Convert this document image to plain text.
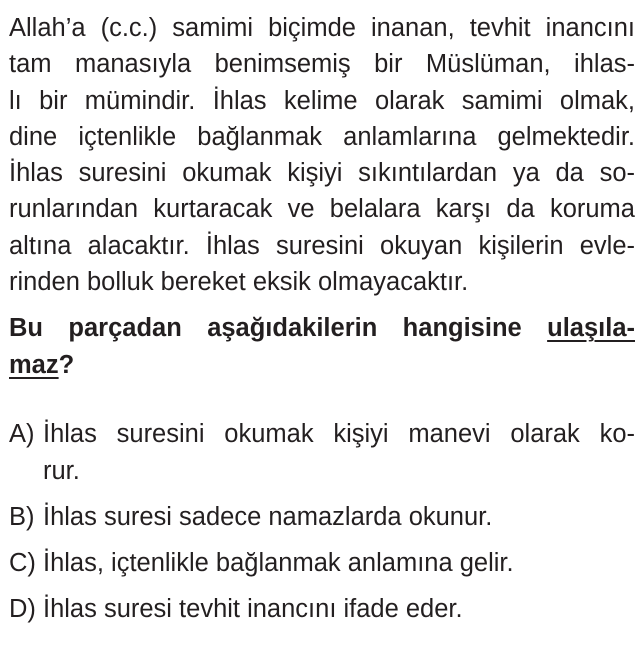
Allah’a (c.c.) samimi biçimde inanan, tevhit inancını
tam manasıyla benimsemiş bir Müslüman, ihlas-
lı bir mümindir. İhlas kelime olarak samimi olmak,
dine içtenlikle bağlanmak anlamlarına gelmektedir.
İhlas suresini okumak kişiyi sıkıntılardan ya da so-
runlarından kurtaracak ve belalara karşı da koruma
altına alacaktır. İhlas suresini okuyan kişilerin evle-
rinden bolluk bereket eksik olmayacaktır.
Bu parçadan aşağıdakilerin hangisine ulaşıla-
maz?
A) İhlas suresini okumak kişiyi manevi olarak ko-
rur.
B) İhlas suresi sadece namazlarda okunur.
C) İhlas, içtenlikle bağlanmak anlamına gelir.
D) İhlas suresi tevhit inancını ifade eder.
